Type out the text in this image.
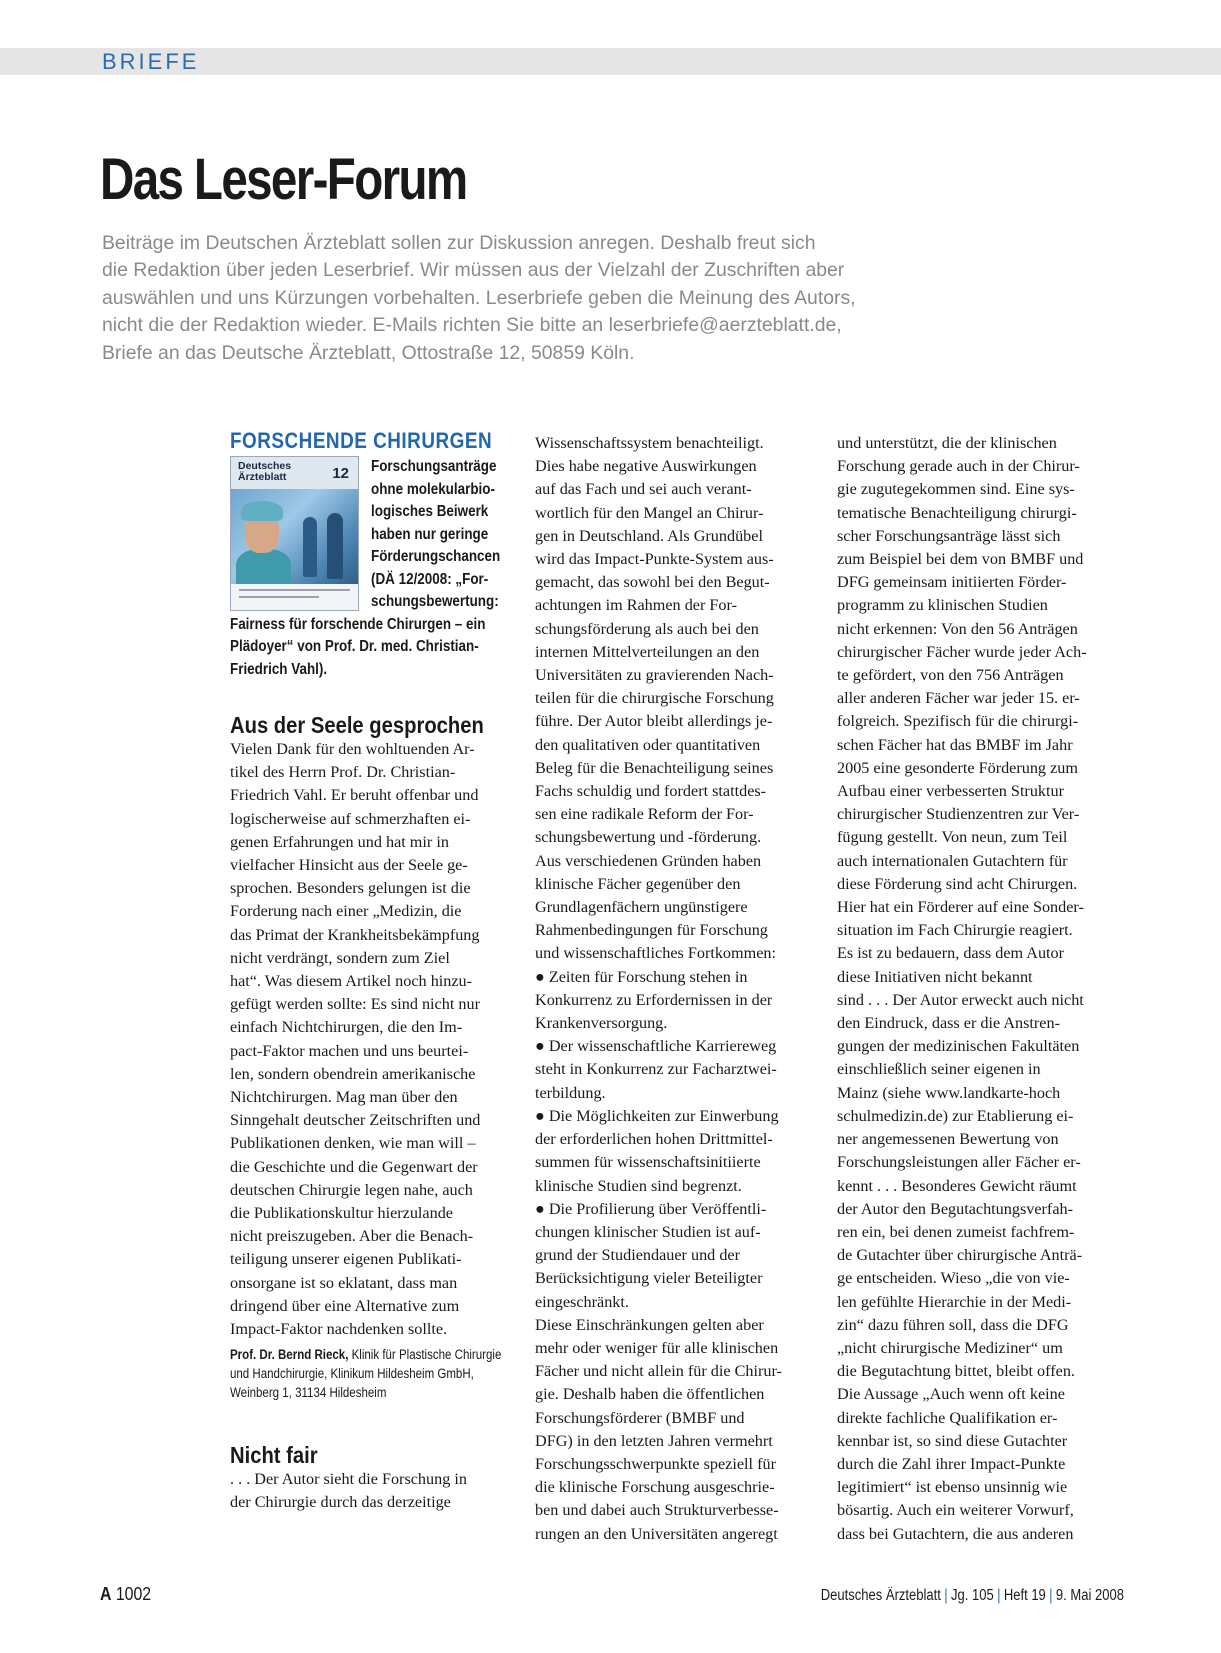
BRIEFE
Das Leser-Forum
Beiträge im Deutschen Ärzteblatt sollen zur Diskussion anregen. Deshalb freut sich
die Redaktion über jeden Leserbrief. Wir müssen aus der Vielzahl der Zuschriften aber
auswählen und uns Kürzungen vorbehalten. Leserbriefe geben die Meinung des Autors,
nicht die der Redaktion wieder. E-Mails richten Sie bitte an leserbriefe@aerzteblatt.de,
Briefe an das Deutsche Ärzteblatt, Ottostraße 12, 50859 Köln.
FORSCHENDE CHIRURGEN
Deutsches Ärzteblatt	12 Forschungsanträge
ohne molekularbio-
logisches Beiwerk
haben nur geringe
Förderungschancen
(DÄ 12/2008: „For-
schungsbewertung:
Fairness für forschende Chirurgen – ein
Plädoyer“ von Prof. Dr. med. Christian-
Friedrich Vahl).
Aus der Seele gesprochen
Vielen Dank für den wohltuenden Ar-
tikel des Herrn Prof. Dr. Christian-
Friedrich Vahl. Er beruht offenbar und
logischerweise auf schmerzhaften ei-
genen Erfahrungen und hat mir in
vielfacher Hinsicht aus der Seele ge-
sprochen. Besonders gelungen ist die
Forderung nach einer „Medizin, die
das Primat der Krankheitsbekämpfung
nicht verdrängt, sondern zum Ziel
hat“. Was diesem Artikel noch hinzu-
gefügt werden sollte: Es sind nicht nur
einfach Nichtchirurgen, die den Im-
pact-Faktor machen und uns beurtei-
len, sondern obendrein amerikanische
Nichtchirurgen. Mag man über den
Sinngehalt deutscher Zeitschriften und
Publikationen denken, wie man will –
die Geschichte und die Gegenwart der
deutschen Chirurgie legen nahe, auch
die Publikationskultur hierzulande
nicht preiszugeben. Aber die Benach-
teiligung unserer eigenen Publikati-
onsorgane ist so eklatant, dass man
dringend über eine Alternative zum
Impact-Faktor nachdenken sollte.
Prof. Dr. Bernd Rieck, Klinik für Plastische Chirurgie
und Handchirurgie, Klinikum Hildesheim GmbH,
Weinberg 1, 31134 Hildesheim
Nicht fair
. . . Der Autor sieht die Forschung in
der Chirurgie durch das derzeitige
Wissenschaftssystem benachteiligt.
Dies habe negative Auswirkungen
auf das Fach und sei auch verant-
wortlich für den Mangel an Chirur-
gen in Deutschland. Als Grundübel
wird das Impact-Punkte-System aus-
gemacht, das sowohl bei den Begut-
achtungen im Rahmen der For-
schungsförderung als auch bei den
internen Mittelverteilungen an den
Universitäten zu gravierenden Nach-
teilen für die chirurgische Forschung
führe. Der Autor bleibt allerdings je-
den qualitativen oder quantitativen
Beleg für die Benachteiligung seines
Fachs schuldig und fordert stattdes-
sen eine radikale Reform der For-
schungsbewertung und -förderung.
Aus verschiedenen Gründen haben
klinische Fächer gegenüber den
Grundlagenfächern ungünstigere
Rahmenbedingungen für Forschung
und wissenschaftliches Fortkommen:
● Zeiten für Forschung stehen in
Konkurrenz zu Erfordernissen in der
Krankenversorgung.
● Der wissenschaftliche Karriereweg
steht in Konkurrenz zur Facharztwei-
terbildung.
● Die Möglichkeiten zur Einwerbung
der erforderlichen hohen Drittmittel-
summen für wissenschaftsinitiierte
klinische Studien sind begrenzt.
● Die Profilierung über Veröffentli-
chungen klinischer Studien ist auf-
grund der Studiendauer und der
Berücksichtigung vieler Beteiligter
eingeschränkt.
Diese Einschränkungen gelten aber
mehr oder weniger für alle klinischen
Fächer und nicht allein für die Chirur-
gie. Deshalb haben die öffentlichen
Forschungsförderer (BMBF und
DFG) in den letzten Jahren vermehrt
Forschungsschwerpunkte speziell für
die klinische Forschung ausgeschrie-
ben und dabei auch Strukturverbesse-
rungen an den Universitäten angeregt
und unterstützt, die der klinischen
Forschung gerade auch in der Chirur-
gie zugutegekommen sind. Eine sys-
tematische Benachteiligung chirurgi-
scher Forschungsanträge lässt sich
zum Beispiel bei dem von BMBF und
DFG gemeinsam initiierten Förder-
programm zu klinischen Studien
nicht erkennen: Von den 56 Anträgen
chirurgischer Fächer wurde jeder Ach-
te gefördert, von den 756 Anträgen
aller anderen Fächer war jeder 15. er-
folgreich. Spezifisch für die chirurgi-
schen Fächer hat das BMBF im Jahr
2005 eine gesonderte Förderung zum
Aufbau einer verbesserten Struktur
chirurgischer Studienzentren zur Ver-
fügung gestellt. Von neun, zum Teil
auch internationalen Gutachtern für
diese Förderung sind acht Chirurgen.
Hier hat ein Förderer auf eine Sonder-
situation im Fach Chirurgie reagiert.
Es ist zu bedauern, dass dem Autor
diese Initiativen nicht bekannt
sind . . . Der Autor erweckt auch nicht
den Eindruck, dass er die Anstren-
gungen der medizinischen Fakultäten
einschließlich seiner eigenen in
Mainz (siehe www.landkarte-hoch
schulmedizin.de) zur Etablierung ei-
ner angemessenen Bewertung von
Forschungsleistungen aller Fächer er-
kennt . . . Besonderes Gewicht räumt
der Autor den Begutachtungsverfah-
ren ein, bei denen zumeist fachfrem-
de Gutachter über chirurgische Anträ-
ge entscheiden. Wieso „die von vie-
len gefühlte Hierarchie in der Medi-
zin“ dazu führen soll, dass die DFG
„nicht chirurgische Mediziner“ um
die Begutachtung bittet, bleibt offen.
Die Aussage „Auch wenn oft keine
direkte fachliche Qualifikation er-
kennbar ist, so sind diese Gutachter
durch die Zahl ihrer Impact-Punkte
legitimiert“ ist ebenso unsinnig wie
bösartig. Auch ein weiterer Vorwurf,
dass bei Gutachtern, die aus anderen
A 1002	Deutsches Ärzteblatt | Jg. 105 | Heft 19 | 9. Mai 2008
